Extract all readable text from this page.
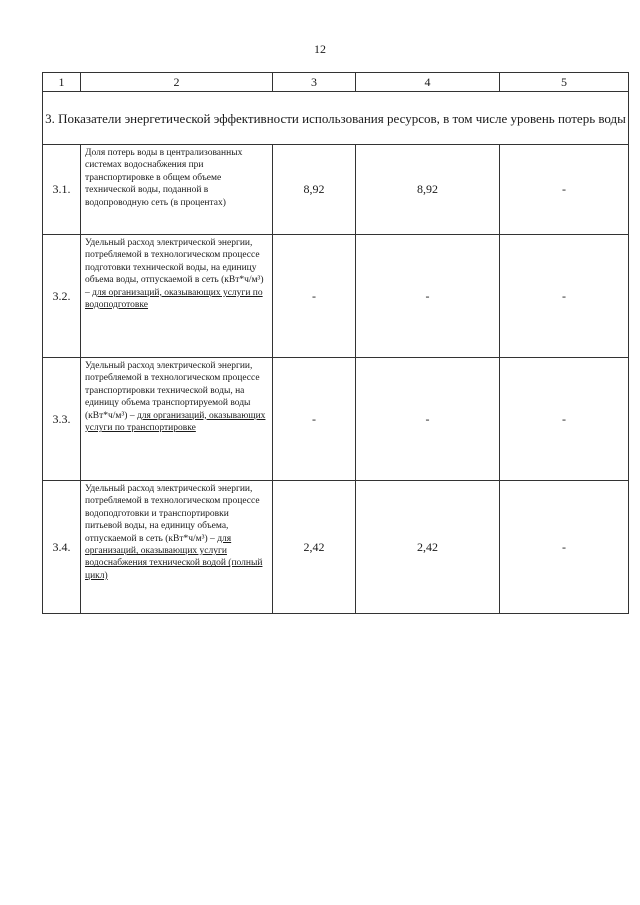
12
1	2	3	4	5
3. Показатели энергетической эффективности использования ресурсов, в том числе уровень потерь воды				
3.1.	Доля потерь воды в централизованных системах водоснабжения при транспортировке в общем объеме технической воды, поданной в водопроводную сеть (в процентах)	8,92	8,92	-
3.2.	Удельный расход электрической энергии, потребляемой в технологическом процессе подготовки технической воды, на единицу объема воды, отпускаемой в сеть (кВт*ч/м³) – для организаций, оказывающих услуги по водоподготовке	-	-	-
3.3.	Удельный расход электрической энергии, потребляемой в технологическом процессе транспортировки технической воды, на единицу объема транспортируемой воды (кВт*ч/м³) – для организаций, оказывающих услуги по транспортировке	-	-	-
3.4.	Удельный расход электрической энергии, потребляемой в технологическом процессе водоподготовки и транспортировки питьевой воды, на единицу объема, отпускаемой в сеть (кВт*ч/м³) – для организаций, оказывающих услуги водоснабжения технической водой (полный цикл)	2,42	2,42	-
